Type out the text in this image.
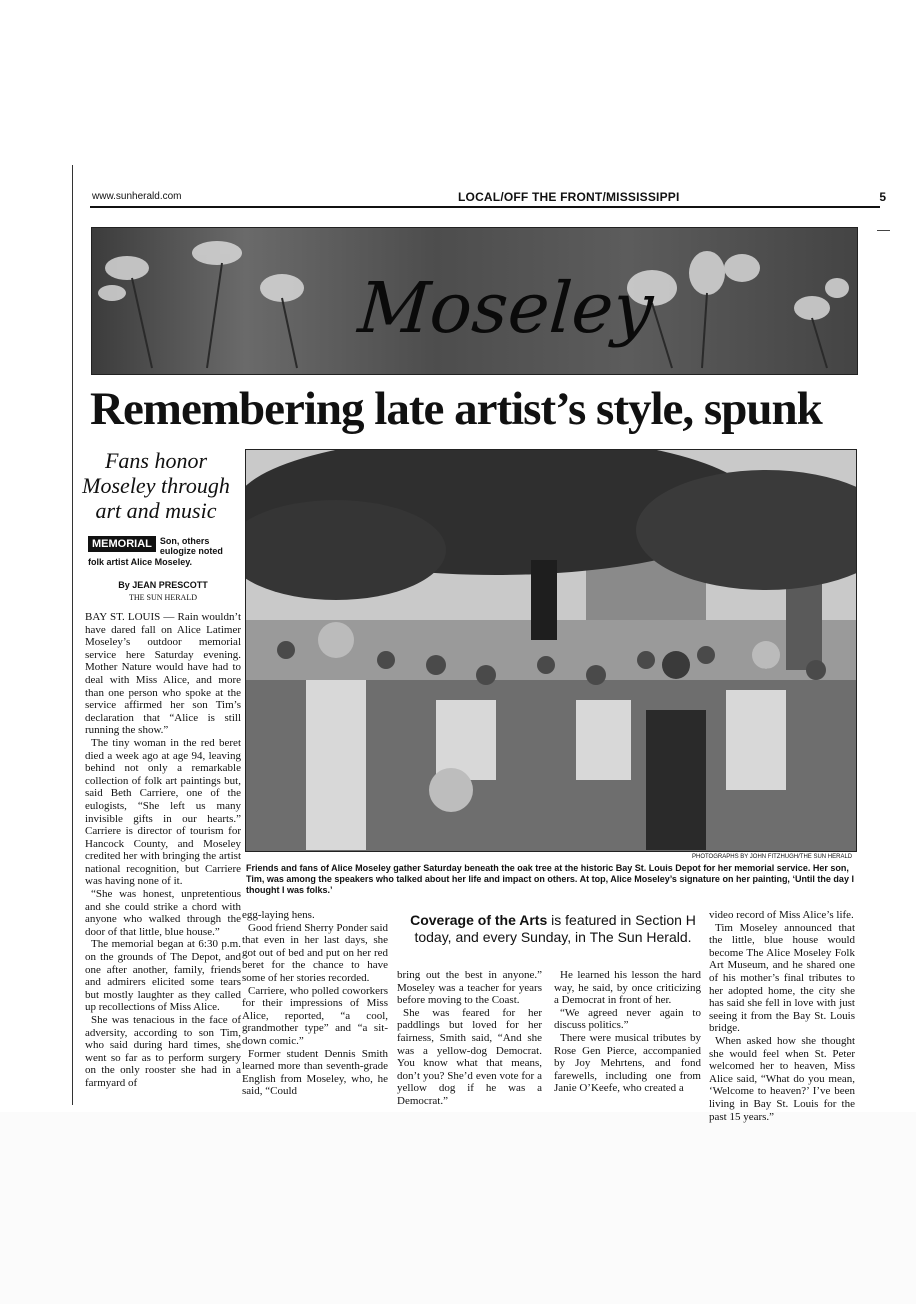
www.sunherald.com	LOCAL/OFF THE FRONT/MISSISSIPPI	5
Moseley
Remembering late artist’s style, spunk
Fans honor
Moseley through
art and music
MEMORIAL Son, others eulogize noted
folk artist Alice Moseley.
By JEAN PRESCOTT
THE SUN HERALD

BAY ST. LOUIS — Rain wouldn’t have dared fall on Alice Latimer Moseley’s outdoor memorial service here Saturday evening. Mother Nature would have had to deal with Miss Alice, and more than one person who spoke at the service affirmed her son Tim’s declaration that “Alice is still running the show.”

The tiny woman in the red beret died a week ago at age 94, leaving behind not only a remarkable collection of folk art paintings but, said Beth Carriere, one of the eulogists, “She left us many invisible gifts in our hearts.” Carriere is director of tourism for Hancock County, and Moseley credited her with bringing the artist national recognition, but Carriere was having none of it.

“She was honest, unpretentious and she could strike a chord with anyone who walked through the door of that little, blue house.”

The memorial began at 6:30 p.m. on the grounds of The Depot, and one after another, family, friends and admirers elicited some tears but mostly laughter as they called up recollections of Miss Alice.

She was tenacious in the face of adversity, according to son Tim, who said during hard times, she went so far as to perform surgery on the only rooster she had in a farmyard of

PHOTOGRAPHS BY JOHN FITZHUGH/THE SUN HERALD
Friends and fans of Alice Moseley gather Saturday beneath the oak tree at the historic Bay St. Louis Depot for her memorial service. Her son, Tim, was among the speakers who talked about her life and impact on others. At top, Alice Moseley’s signature on her painting, ‘Until the day I thought I was folks.’

egg-laying hens.

Good friend Sherry Ponder said that even in her last days, she got out of bed and put on her red beret for the chance to have some of her stories recorded.

Carriere, who polled coworkers for their impressions of Miss Alice, reported, “a cool, grandmother type” and “a sit-down comic.”

Former student Dennis Smith learned more than seventh-grade English from Moseley, who, he said, “Could

Coverage of the Arts is featured in Section H today, and every Sunday, in The Sun Herald.

bring out the best in anyone.” Moseley was a teacher for years before moving to the Coast.

She was feared for her paddlings but loved for her fairness, Smith said, “And she was a yellow-dog Democrat. You know what that means, don’t you? She’d even vote for a yellow dog if he was a Democrat.”

He learned his lesson the hard way, he said, by once criticizing a Democrat in front of her.

“We agreed never again to discuss politics.”

There were musical tributes by Rose Gen Pierce, accompanied by Joy Mehrtens, and fond farewells, including one from Janie O’Keefe, who created a

video record of Miss Alice’s life.

Tim Moseley announced that the little, blue house would become The Alice Moseley Folk Art Museum, and he shared one of his mother’s final tributes to her adopted home, the city she has said she fell in love with just seeing it from the Bay St. Louis bridge.

When asked how she thought she would feel when St. Peter welcomed her to heaven, Miss Alice said, “What do you mean, ‘Welcome to heaven?’ I’ve been living in Bay St. Louis for the past 15 years.”
